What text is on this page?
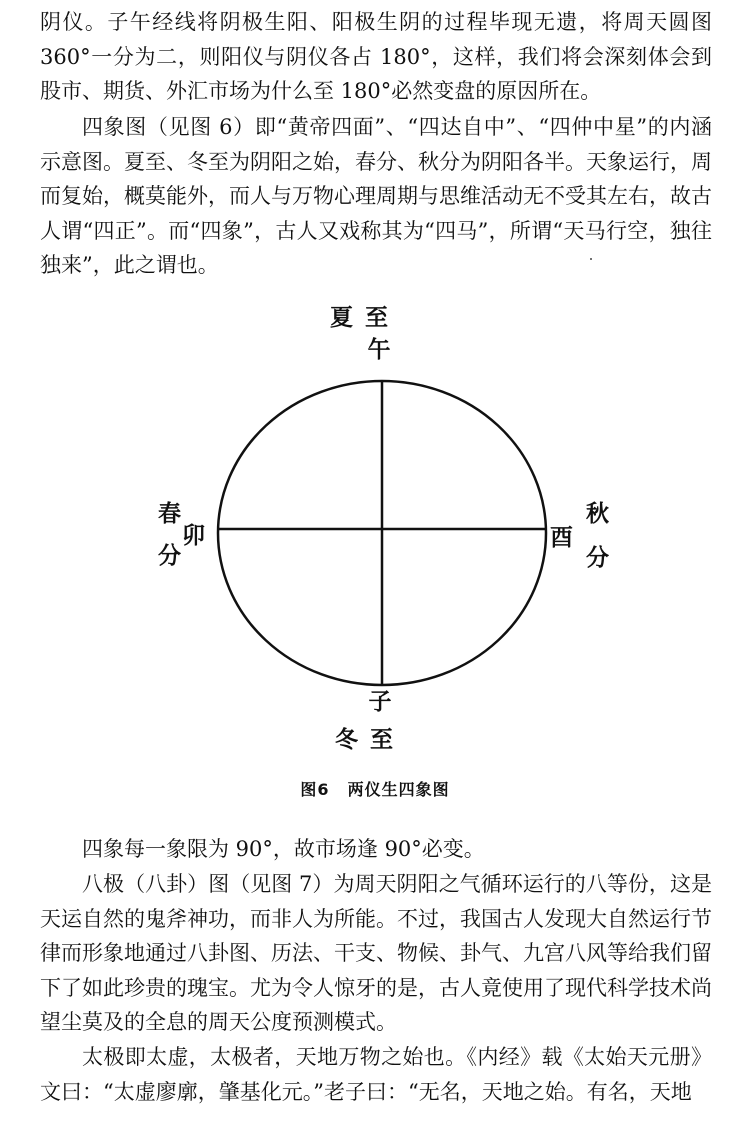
阴仪。子午经线将阴极生阳、阳极生阴的过程毕现无遗，将周天圆图360°一分为二，则阳仪与阴仪各占 180°，这样，我们将会深刻体会到股市、期货、外汇市场为什么至 180°必然变盘的原因所在。

四象图（见图 6）即“黄帝四面”、“四达自中”、“四仲中星”的内涵示意图。夏至、冬至为阴阳之始，春分、秋分为阴阳各半。天象运行，周而复始，概莫能外，而人与万物心理周期与思维活动无不受其左右，故古人谓“四正”。而“四象”，古人又戏称其为“四马”，所谓“天马行空，独往独来”，此之谓也。

夏至
午
春
分
卯
秋
分
酉
子
冬至
图6 两仪生四象图

四象每一象限为 90°，故市场逢 90°必变。

八极（八卦）图（见图 7）为周天阴阳之气循环运行的八等份，这是天运自然的鬼斧神功，而非人为所能。不过，我国古人发现大自然运行节律而形象地通过八卦图、历法、干支、物候、卦气、九宫八风等给我们留下了如此珍贵的瑰宝。尤为令人惊牙的是，古人竟使用了现代科学技术尚望尘莫及的全息的周天公度预测模式。

太极即太虚，太极者，天地万物之始也。《内经》载《太始天元册》文曰：“太虚廖廓，肇基化元。”老子曰：“无名，天地之始。有名，天地
